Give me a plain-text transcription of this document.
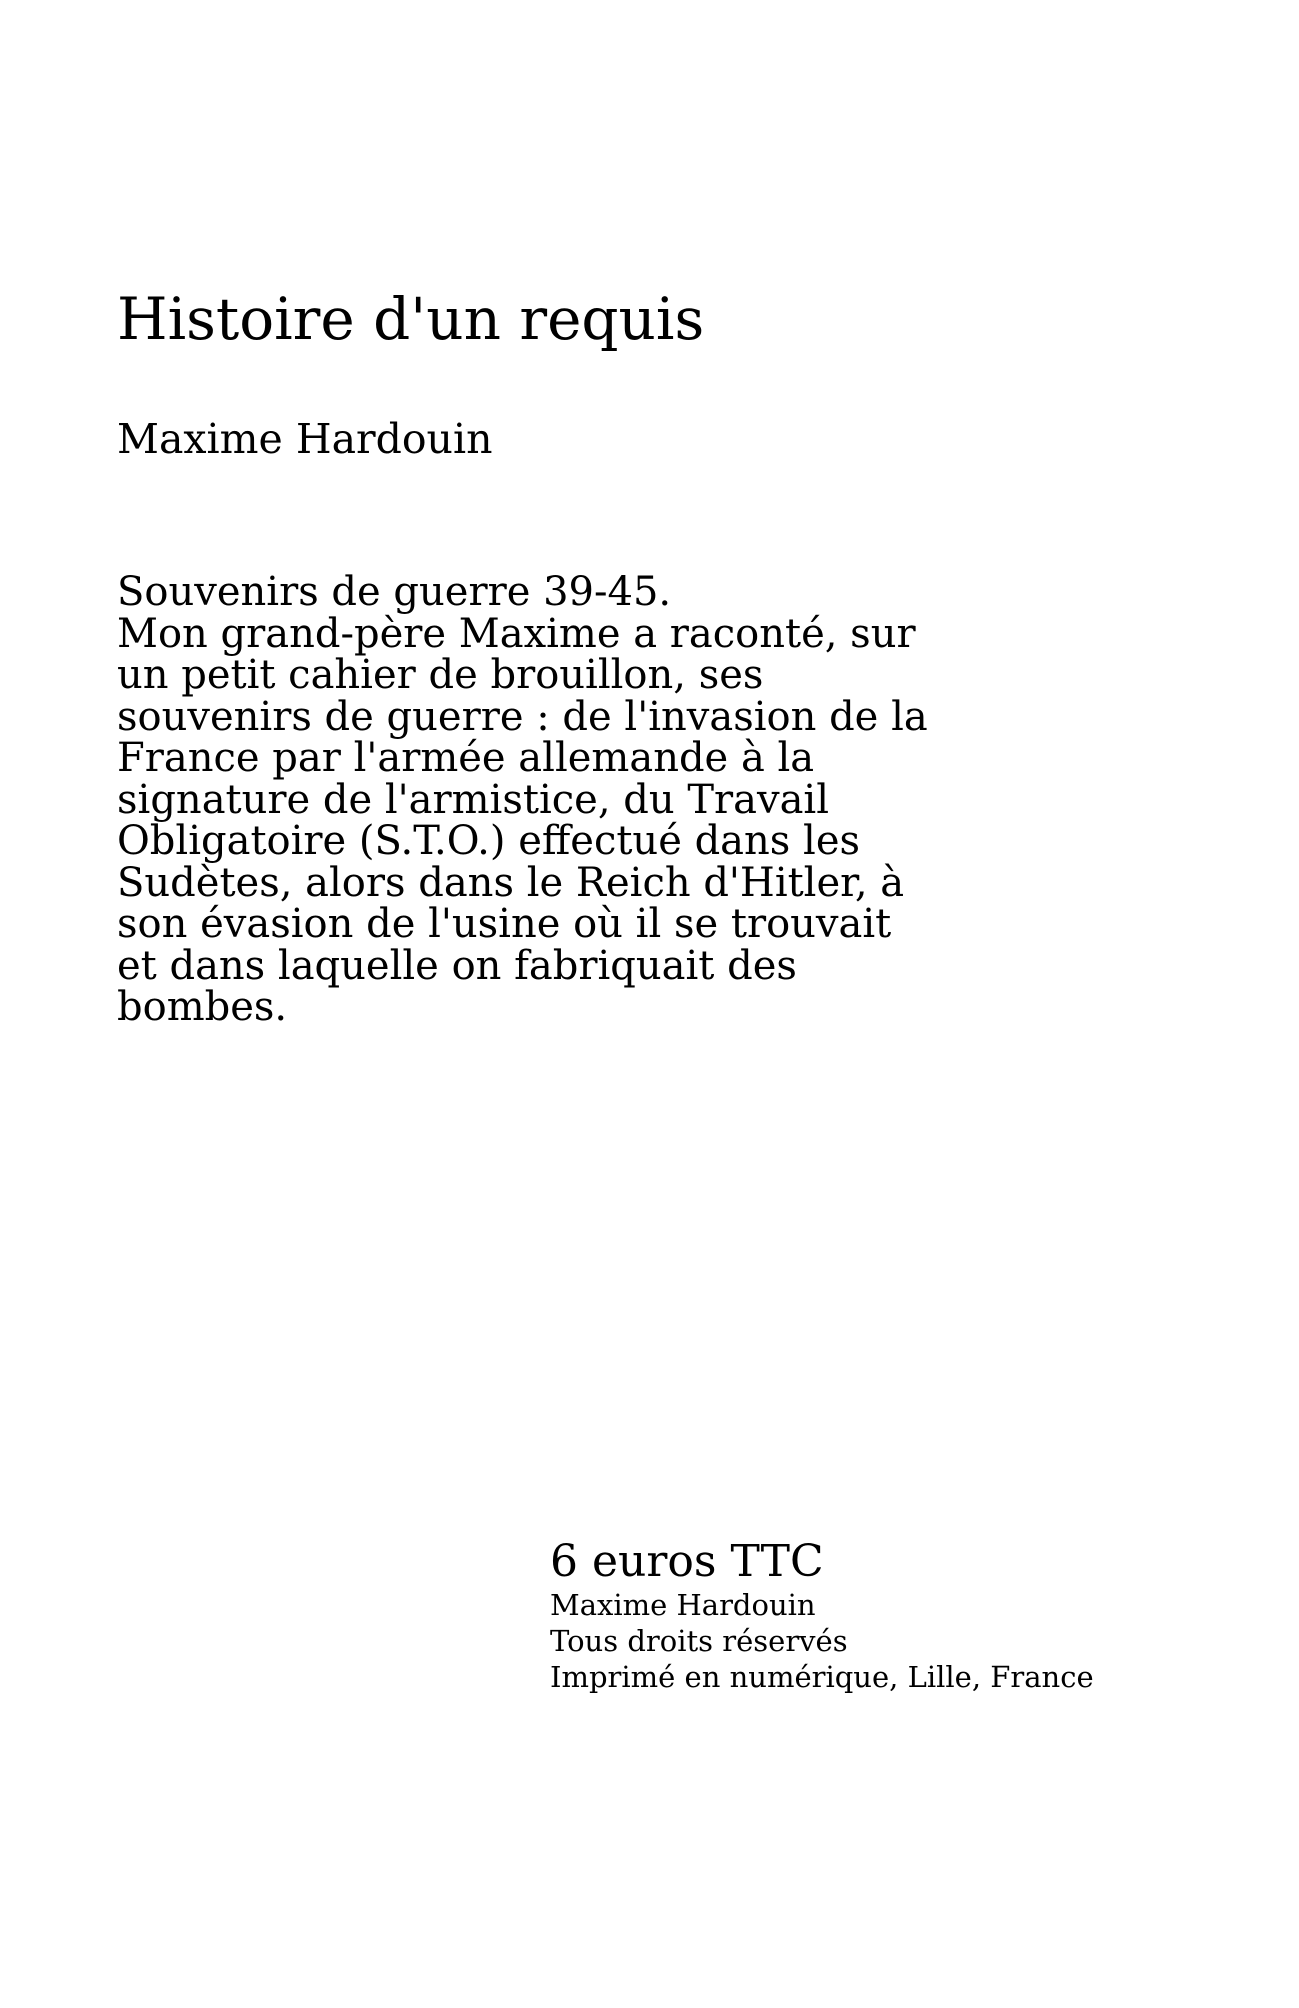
Histoire d'un requis

Maxime Hardouin

Souvenirs de guerre 39-45.
Mon grand-père Maxime a raconté, sur
un petit cahier de brouillon, ses
souvenirs de guerre : de l'invasion de la
France par l'armée allemande à la
signature de l'armistice, du Travail
Obligatoire (S.T.O.) effectué dans les
Sudètes, alors dans le Reich d'Hitler, à
son évasion de l'usine où il se trouvait
et dans laquelle on fabriquait des
bombes.
6 euros TTC
Maxime Hardouin
Tous droits réservés
Imprimé en numérique, Lille, France
